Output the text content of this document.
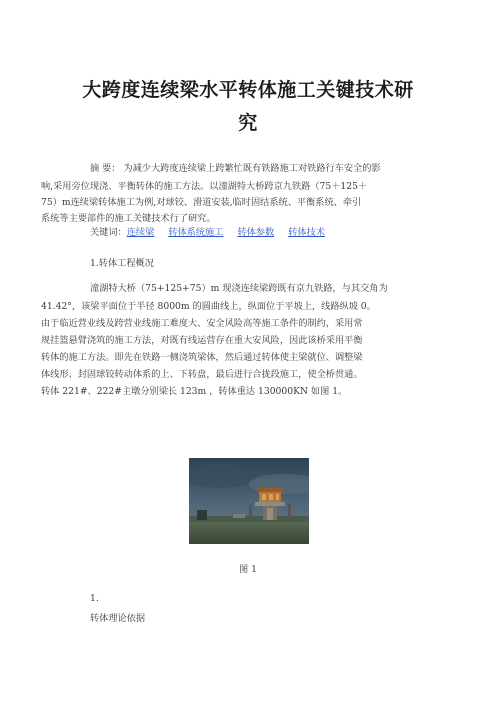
大跨度连续梁水平转体施工关键技术研
究
摘 要： 为减少大跨度连续梁上跨繁忙既有铁路施工对铁路行车安全的影
响,采用旁位现浇、平衡转体的施工方法。以潼湖特大桥跨京九铁路（75＋125＋
75）m连续梁转体施工为例,对球铰、滑道安装,临时固结系统、平衡系统、牵引
系统等主要部件的施工关键技术行了研究。
关键词：连续梁 转体系统施工 转体参数 转体技术
1.转体工程概况
潼湖特大桥（75+125+75）m 现浇连续梁跨既有京九铁路，与其交角为
41.42°，该梁平面位于半径 8000m 的圆曲线上，纵面位于平坡上，线路纵坡 0。
由于临近营业线及跨营业线施工难度大、安全风险高等施工条件的制约，采用常
规挂篮悬臂浇筑的施工方法，对既有线运营存在重大安风险，因此该桥采用平衡
转体的施工方法。即先在铁路一侧浇筑梁体，然后通过转体使主梁就位、调整梁
体线形、封固球铰转动体系的上、下转盘，最后进行合拢段施工，使全桥贯通。
转体 221#、222#主墩分别梁长 123m ，转体重达 130000KN 如图 1。
图 1
1.
转体理论依据
